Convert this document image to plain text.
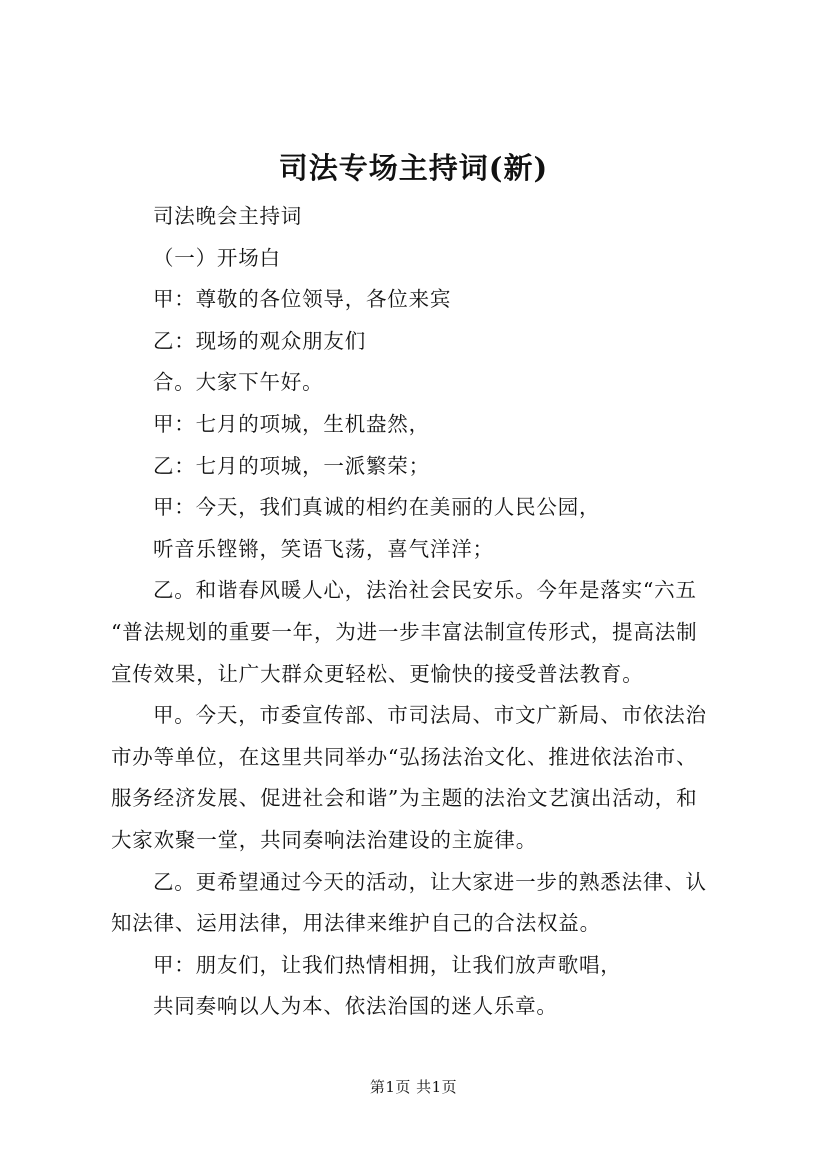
司法专场主持词(新)

司法晚会主持词

（一）开场白

甲：尊敬的各位领导，各位来宾

乙：现场的观众朋友们

合。大家下午好。

甲：七月的项城，生机盎然，

乙：七月的项城，一派繁荣；

甲：今天，我们真诚的相约在美丽的人民公园，

听音乐铿锵，笑语飞荡，喜气洋洋；

乙。和谐春风暖人心，法治社会民安乐。今年是落实“六五

“普法规划的重要一年，为进一步丰富法制宣传形式，提高法制

宣传效果，让广大群众更轻松、更愉快的接受普法教育。

甲。今天，市委宣传部、市司法局、市文广新局、市依法治

市办等单位，在这里共同举办“弘扬法治文化、推进依法治市、

服务经济发展、促进社会和谐”为主题的法治文艺演出活动，和

大家欢聚一堂，共同奏响法治建设的主旋律。

乙。更希望通过今天的活动，让大家进一步的熟悉法律、认

知法律、运用法律，用法律来维护自己的合法权益。

甲：朋友们，让我们热情相拥，让我们放声歌唱，

共同奏响以人为本、依法治国的迷人乐章。

第1页 共1页
